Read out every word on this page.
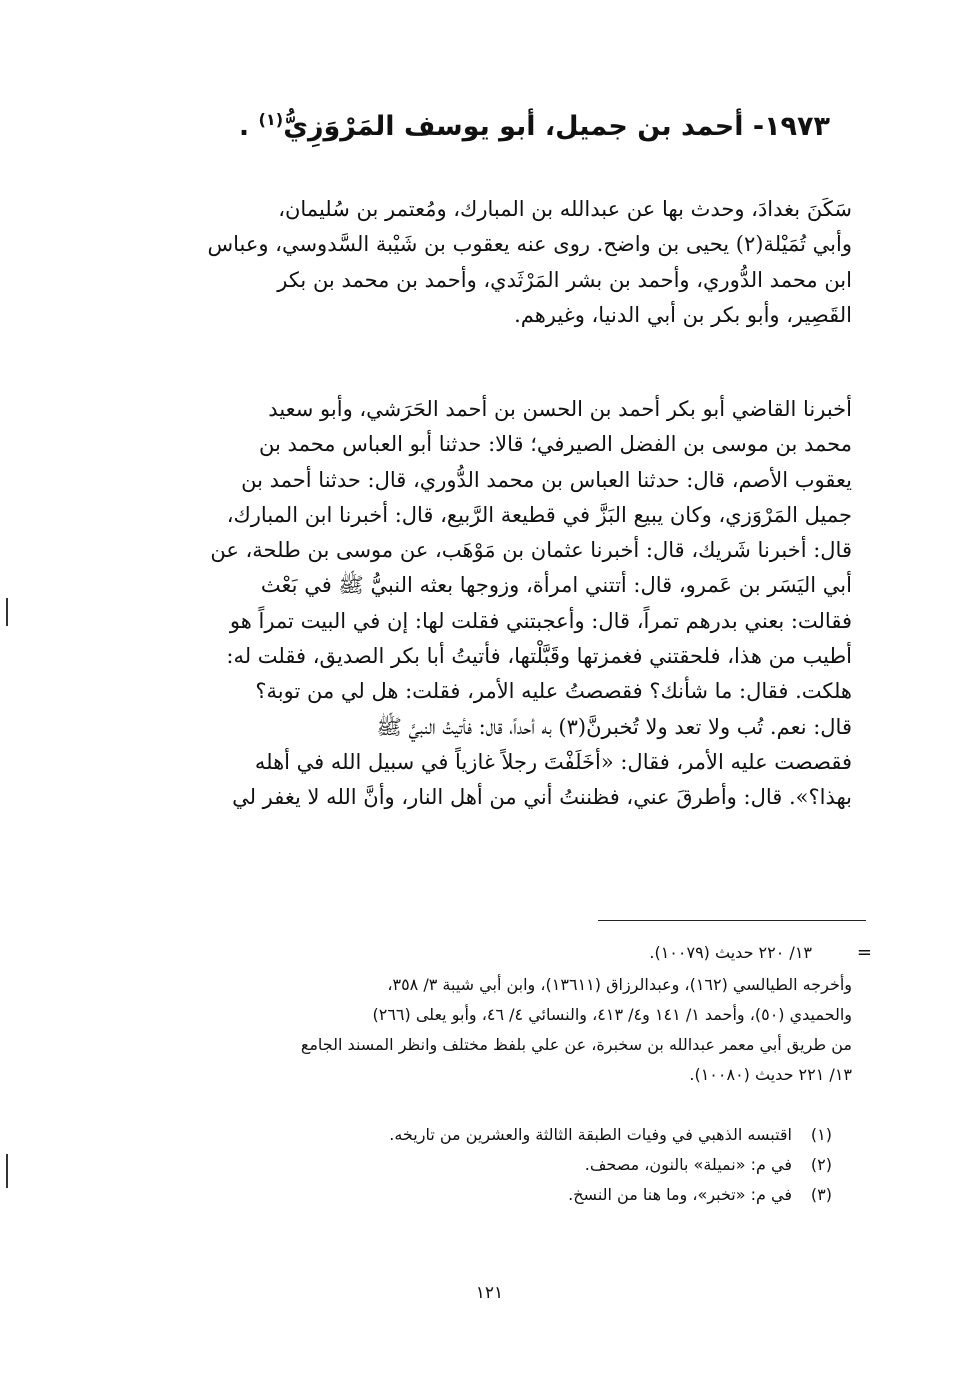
١٩٧٣- أحمد بن جميل، أبو يوسف المَرْوَزِيُّ$^{(١)}$ .
سَكَنَ بغدادَ، وحدث بها عن عبدالله بن المبارك، ومُعتمر بن سُليمان،
وأبي تُمَيْلة(٢) يحيى بن واضح. روى عنه يعقوب بن شَيْبة السَّدوسي، وعباس
ابن محمد الدُّوري، وأحمد بن بشر المَرْثَدي، وأحمد بن محمد بن بكر
القَصِير، وأبو بكر بن أبي الدنيا، وغيرهم.
أخبرنا القاضي أبو بكر أحمد بن الحسن بن أحمد الحَرَشي، وأبو سعيد
محمد بن موسى بن الفضل الصيرفي؛ قالا: حدثنا أبو العباس محمد بن
يعقوب الأصم، قال: حدثنا العباس بن محمد الدُّوري، قال: حدثنا أحمد بن
جميل المَرْوَزي، وكان يبيع البَزَّ في قطيعة الرَّبيع، قال: أخبرنا ابن المبارك،
قال: أخبرنا شَريك، قال: أخبرنا عثمان بن مَوْهَب، عن موسى بن طلحة، عن
أبي اليَسَر بن عَمرو، قال: أتتني امرأة، وزوجها بعثه النبيُّ ﷺ في بَعْث
فقالت: بعني بدرهم تمراً، قال: وأعجبتني فقلت لها: إن في البيت تمراً هو
أطيب من هذا، فلحقتني فغمزتها وقَبَّلْتها، فأتيتُ أبا بكر الصديق، فقلت له:
هلكت. فقال: ما شأنك؟ فقصصتُ عليه الأمر، فقلت: هل لي من توبة؟
قال: نعم. تُب ولا تعد ولا تُخبرنَّ(٣) به أحداً، قال: فأتيتُ النبيَّ ﷺ
فقصصت عليه الأمر، فقال: «أخَلَفْتَ رجلاً غازياً في سبيل الله في أهله
بهذا؟». قال: وأطرقَ عني، فظننتُ أني من أهل النار، وأنَّ الله لا يغفر لي
=
١٣/ ٢٢٠ حديث (١٠٠٧٩).
وأخرجه الطيالسي (١٦٢)، وعبدالرزاق (١٣٦١١)، وابن أبي شيبة ٣/ ٣٥٨،
والحميدي (٥٠)، وأحمد ١/ ١٤١ و٤/ ٤١٣، والنسائي ٤/ ٤٦، وأبو يعلى (٢٦٦)
من طريق أبي معمر عبدالله بن سخبرة، عن علي بلفظ مختلف وانظر المسند الجامع
١٣/ ٢٢١ حديث (١٠٠٨٠).
(١)
اقتبسه الذهبي في وفيات الطبقة الثالثة والعشرين من تاريخه.
(٢)
في م: «نميلة» بالنون، مصحف.
(٣)
في م: «تخبر»، وما هنا من النسخ.
١٢١
